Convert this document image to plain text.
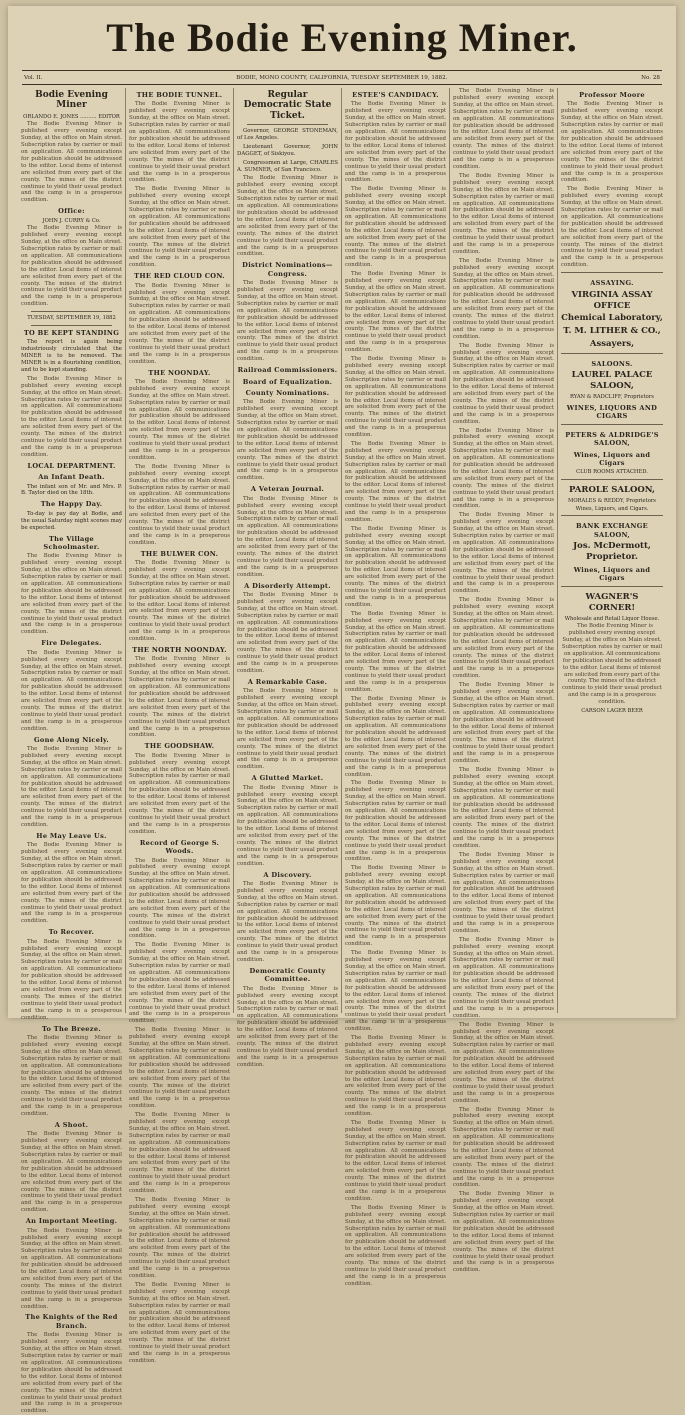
The Bodie Evening Miner.
Vol. II.	BODIE, MONO COUNTY, CALIFORNIA, TUESDAY SEPTEMBER 19, 1882.	No. 28
Bodie Evening Miner
ORLANDO E. JONES .......... EDITOR

The Bodie Evening Miner is published every evening except Sunday, at the office on Main street. Subscription rates by carrier or mail on application. All communications for publication should be addressed to the editor. Local items of interest are solicited from every part of the county. The mines of the district continue to yield their usual product and the camp is in a prosperous condition.

Office:
JOHN J. CURRY & Co.

The Bodie Evening Miner is published every evening except Sunday, at the office on Main street. Subscription rates by carrier or mail on application. All communications for publication should be addressed to the editor. Local items of interest are solicited from every part of the county. The mines of the district continue to yield their usual product and the camp is in a prosperous condition.

TUESDAY, SEPTEMBER 19, 1882
TO BE KEPT STANDING

The report is again being industriously circulated that the MINER is to be removed. The MINER is in a flourishing condition, and to be kept standing.

The Bodie Evening Miner is published every evening except Sunday, at the office on Main street. Subscription rates by carrier or mail on application. All communications for publication should be addressed to the editor. Local items of interest are solicited from every part of the county. The mines of the district continue to yield their usual product and the camp is in a prosperous condition.

LOCAL DEPARTMENT.
An Infant Death.

The infant son of Mr. and Mrs. P. B. Taylor died on the 18th.

The Happy Day.

To-day is pay day at Bodie, and the usual Saturday night scenes may be expected.

The Village Schoolmaster.

The Bodie Evening Miner is published every evening except Sunday, at the office on Main street. Subscription rates by carrier or mail on application. All communications for publication should be addressed to the editor. Local items of interest are solicited from every part of the county. The mines of the district continue to yield their usual product and the camp is in a prosperous condition.

Fire Delegates.

The Bodie Evening Miner is published every evening except Sunday, at the office on Main street. Subscription rates by carrier or mail on application. All communications for publication should be addressed to the editor. Local items of interest are solicited from every part of the county. The mines of the district continue to yield their usual product and the camp is in a prosperous condition.

Gone Along Nicely.

The Bodie Evening Miner is published every evening except Sunday, at the office on Main street. Subscription rates by carrier or mail on application. All communications for publication should be addressed to the editor. Local items of interest are solicited from every part of the county. The mines of the district continue to yield their usual product and the camp is in a prosperous condition.

He May Leave Us.

The Bodie Evening Miner is published every evening except Sunday, at the office on Main street. Subscription rates by carrier or mail on application. All communications for publication should be addressed to the editor. Local items of interest are solicited from every part of the county. The mines of the district continue to yield their usual product and the camp is in a prosperous condition.

To Recover.

The Bodie Evening Miner is published every evening except Sunday, at the office on Main street. Subscription rates by carrier or mail on application. All communications for publication should be addressed to the editor. Local items of interest are solicited from every part of the county. The mines of the district continue to yield their usual product and the camp is in a prosperous condition.

To The Breeze.

The Bodie Evening Miner is published every evening except Sunday, at the office on Main street. Subscription rates by carrier or mail on application. All communications for publication should be addressed to the editor. Local items of interest are solicited from every part of the county. The mines of the district continue to yield their usual product and the camp is in a prosperous condition.

A Shoot.

The Bodie Evening Miner is published every evening except Sunday, at the office on Main street. Subscription rates by carrier or mail on application. All communications for publication should be addressed to the editor. Local items of interest are solicited from every part of the county. The mines of the district continue to yield their usual product and the camp is in a prosperous condition.

An Important Meeting.

The Bodie Evening Miner is published every evening except Sunday, at the office on Main street. Subscription rates by carrier or mail on application. All communications for publication should be addressed to the editor. Local items of interest are solicited from every part of the county. The mines of the district continue to yield their usual product and the camp is in a prosperous condition.

The Knights of the Red Branch.

The Bodie Evening Miner is published every evening except Sunday, at the office on Main street. Subscription rates by carrier or mail on application. All communications for publication should be addressed to the editor. Local items of interest are solicited from every part of the county. The mines of the district continue to yield their usual product and the camp is in a prosperous condition.

THE BODIE TUNNEL.

The Bodie Evening Miner is published every evening except Sunday, at the office on Main street. Subscription rates by carrier or mail on application. All communications for publication should be addressed to the editor. Local items of interest are solicited from every part of the county. The mines of the district continue to yield their usual product and the camp is in a prosperous condition.

The Bodie Evening Miner is published every evening except Sunday, at the office on Main street. Subscription rates by carrier or mail on application. All communications for publication should be addressed to the editor. Local items of interest are solicited from every part of the county. The mines of the district continue to yield their usual product and the camp is in a prosperous condition.

THE RED CLOUD CON.

The Bodie Evening Miner is published every evening except Sunday, at the office on Main street. Subscription rates by carrier or mail on application. All communications for publication should be addressed to the editor. Local items of interest are solicited from every part of the county. The mines of the district continue to yield their usual product and the camp is in a prosperous condition.

THE NOONDAY.

The Bodie Evening Miner is published every evening except Sunday, at the office on Main street. Subscription rates by carrier or mail on application. All communications for publication should be addressed to the editor. Local items of interest are solicited from every part of the county. The mines of the district continue to yield their usual product and the camp is in a prosperous condition.

The Bodie Evening Miner is published every evening except Sunday, at the office on Main street. Subscription rates by carrier or mail on application. All communications for publication should be addressed to the editor. Local items of interest are solicited from every part of the county. The mines of the district continue to yield their usual product and the camp is in a prosperous condition.

THE BULWER CON.

The Bodie Evening Miner is published every evening except Sunday, at the office on Main street. Subscription rates by carrier or mail on application. All communications for publication should be addressed to the editor. Local items of interest are solicited from every part of the county. The mines of the district continue to yield their usual product and the camp is in a prosperous condition.

THE NORTH NOONDAY.

The Bodie Evening Miner is published every evening except Sunday, at the office on Main street. Subscription rates by carrier or mail on application. All communications for publication should be addressed to the editor. Local items of interest are solicited from every part of the county. The mines of the district continue to yield their usual product and the camp is in a prosperous condition.

THE GOODSHAW.

The Bodie Evening Miner is published every evening except Sunday, at the office on Main street. Subscription rates by carrier or mail on application. All communications for publication should be addressed to the editor. Local items of interest are solicited from every part of the county. The mines of the district continue to yield their usual product and the camp is in a prosperous condition.

Record of George S. Woods.

The Bodie Evening Miner is published every evening except Sunday, at the office on Main street. Subscription rates by carrier or mail on application. All communications for publication should be addressed to the editor. Local items of interest are solicited from every part of the county. The mines of the district continue to yield their usual product and the camp is in a prosperous condition.

The Bodie Evening Miner is published every evening except Sunday, at the office on Main street. Subscription rates by carrier or mail on application. All communications for publication should be addressed to the editor. Local items of interest are solicited from every part of the county. The mines of the district continue to yield their usual product and the camp is in a prosperous condition.

The Bodie Evening Miner is published every evening except Sunday, at the office on Main street. Subscription rates by carrier or mail on application. All communications for publication should be addressed to the editor. Local items of interest are solicited from every part of the county. The mines of the district continue to yield their usual product and the camp is in a prosperous condition.

The Bodie Evening Miner is published every evening except Sunday, at the office on Main street. Subscription rates by carrier or mail on application. All communications for publication should be addressed to the editor. Local items of interest are solicited from every part of the county. The mines of the district continue to yield their usual product and the camp is in a prosperous condition.

The Bodie Evening Miner is published every evening except Sunday, at the office on Main street. Subscription rates by carrier or mail on application. All communications for publication should be addressed to the editor. Local items of interest are solicited from every part of the county. The mines of the district continue to yield their usual product and the camp is in a prosperous condition.

The Bodie Evening Miner is published every evening except Sunday, at the office on Main street. Subscription rates by carrier or mail on application. All communications for publication should be addressed to the editor. Local items of interest are solicited from every part of the county. The mines of the district continue to yield their usual product and the camp is in a prosperous condition.

Regular Democratic State Ticket.

Governor, GEORGE STONEMAN, of Los Angeles.

Lieutenant Governor, JOHN DAGGET, of Siskiyou.

Congressmen at Large, CHARLES A. SUMNER, of San Francisco.

The Bodie Evening Miner is published every evening except Sunday, at the office on Main street. Subscription rates by carrier or mail on application. All communications for publication should be addressed to the editor. Local items of interest are solicited from every part of the county. The mines of the district continue to yield their usual product and the camp is in a prosperous condition.

District Nominations—Congress.

The Bodie Evening Miner is published every evening except Sunday, at the office on Main street. Subscription rates by carrier or mail on application. All communications for publication should be addressed to the editor. Local items of interest are solicited from every part of the county. The mines of the district continue to yield their usual product and the camp is in a prosperous condition.

Railroad Commissioners.
Board of Equalization.
County Nominations.

The Bodie Evening Miner is published every evening except Sunday, at the office on Main street. Subscription rates by carrier or mail on application. All communications for publication should be addressed to the editor. Local items of interest are solicited from every part of the county. The mines of the district continue to yield their usual product and the camp is in a prosperous condition.

A Veteran Journal.

The Bodie Evening Miner is published every evening except Sunday, at the office on Main street. Subscription rates by carrier or mail on application. All communications for publication should be addressed to the editor. Local items of interest are solicited from every part of the county. The mines of the district continue to yield their usual product and the camp is in a prosperous condition.

A Disorderly Attempt.

The Bodie Evening Miner is published every evening except Sunday, at the office on Main street. Subscription rates by carrier or mail on application. All communications for publication should be addressed to the editor. Local items of interest are solicited from every part of the county. The mines of the district continue to yield their usual product and the camp is in a prosperous condition.

A Remarkable Case.

The Bodie Evening Miner is published every evening except Sunday, at the office on Main street. Subscription rates by carrier or mail on application. All communications for publication should be addressed to the editor. Local items of interest are solicited from every part of the county. The mines of the district continue to yield their usual product and the camp is in a prosperous condition.

A Glutted Market.

The Bodie Evening Miner is published every evening except Sunday, at the office on Main street. Subscription rates by carrier or mail on application. All communications for publication should be addressed to the editor. Local items of interest are solicited from every part of the county. The mines of the district continue to yield their usual product and the camp is in a prosperous condition.

A Discovery.

The Bodie Evening Miner is published every evening except Sunday, at the office on Main street. Subscription rates by carrier or mail on application. All communications for publication should be addressed to the editor. Local items of interest are solicited from every part of the county. The mines of the district continue to yield their usual product and the camp is in a prosperous condition.

Democratic County Committee.

The Bodie Evening Miner is published every evening except Sunday, at the office on Main street. Subscription rates by carrier or mail on application. All communications for publication should be addressed to the editor. Local items of interest are solicited from every part of the county. The mines of the district continue to yield their usual product and the camp is in a prosperous condition.

ESTEE'S CANDIDACY.

The Bodie Evening Miner is published every evening except Sunday, at the office on Main street. Subscription rates by carrier or mail on application. All communications for publication should be addressed to the editor. Local items of interest are solicited from every part of the county. The mines of the district continue to yield their usual product and the camp is in a prosperous condition.

The Bodie Evening Miner is published every evening except Sunday, at the office on Main street. Subscription rates by carrier or mail on application. All communications for publication should be addressed to the editor. Local items of interest are solicited from every part of the county. The mines of the district continue to yield their usual product and the camp is in a prosperous condition.

The Bodie Evening Miner is published every evening except Sunday, at the office on Main street. Subscription rates by carrier or mail on application. All communications for publication should be addressed to the editor. Local items of interest are solicited from every part of the county. The mines of the district continue to yield their usual product and the camp is in a prosperous condition.

The Bodie Evening Miner is published every evening except Sunday, at the office on Main street. Subscription rates by carrier or mail on application. All communications for publication should be addressed to the editor. Local items of interest are solicited from every part of the county. The mines of the district continue to yield their usual product and the camp is in a prosperous condition.

The Bodie Evening Miner is published every evening except Sunday, at the office on Main street. Subscription rates by carrier or mail on application. All communications for publication should be addressed to the editor. Local items of interest are solicited from every part of the county. The mines of the district continue to yield their usual product and the camp is in a prosperous condition.

The Bodie Evening Miner is published every evening except Sunday, at the office on Main street. Subscription rates by carrier or mail on application. All communications for publication should be addressed to the editor. Local items of interest are solicited from every part of the county. The mines of the district continue to yield their usual product and the camp is in a prosperous condition.

The Bodie Evening Miner is published every evening except Sunday, at the office on Main street. Subscription rates by carrier or mail on application. All communications for publication should be addressed to the editor. Local items of interest are solicited from every part of the county. The mines of the district continue to yield their usual product and the camp is in a prosperous condition.

The Bodie Evening Miner is published every evening except Sunday, at the office on Main street. Subscription rates by carrier or mail on application. All communications for publication should be addressed to the editor. Local items of interest are solicited from every part of the county. The mines of the district continue to yield their usual product and the camp is in a prosperous condition.

The Bodie Evening Miner is published every evening except Sunday, at the office on Main street. Subscription rates by carrier or mail on application. All communications for publication should be addressed to the editor. Local items of interest are solicited from every part of the county. The mines of the district continue to yield their usual product and the camp is in a prosperous condition.

The Bodie Evening Miner is published every evening except Sunday, at the office on Main street. Subscription rates by carrier or mail on application. All communications for publication should be addressed to the editor. Local items of interest are solicited from every part of the county. The mines of the district continue to yield their usual product and the camp is in a prosperous condition.

The Bodie Evening Miner is published every evening except Sunday, at the office on Main street. Subscription rates by carrier or mail on application. All communications for publication should be addressed to the editor. Local items of interest are solicited from every part of the county. The mines of the district continue to yield their usual product and the camp is in a prosperous condition.

The Bodie Evening Miner is published every evening except Sunday, at the office on Main street. Subscription rates by carrier or mail on application. All communications for publication should be addressed to the editor. Local items of interest are solicited from every part of the county. The mines of the district continue to yield their usual product and the camp is in a prosperous condition.

The Bodie Evening Miner is published every evening except Sunday, at the office on Main street. Subscription rates by carrier or mail on application. All communications for publication should be addressed to the editor. Local items of interest are solicited from every part of the county. The mines of the district continue to yield their usual product and the camp is in a prosperous condition.

The Bodie Evening Miner is published every evening except Sunday, at the office on Main street. Subscription rates by carrier or mail on application. All communications for publication should be addressed to the editor. Local items of interest are solicited from every part of the county. The mines of the district continue to yield their usual product and the camp is in a prosperous condition.

The Bodie Evening Miner is published every evening except Sunday, at the office on Main street. Subscription rates by carrier or mail on application. All communications for publication should be addressed to the editor. Local items of interest are solicited from every part of the county. The mines of the district continue to yield their usual product and the camp is in a prosperous condition.

The Bodie Evening Miner is published every evening except Sunday, at the office on Main street. Subscription rates by carrier or mail on application. All communications for publication should be addressed to the editor. Local items of interest are solicited from every part of the county. The mines of the district continue to yield their usual product and the camp is in a prosperous condition.

The Bodie Evening Miner is published every evening except Sunday, at the office on Main street. Subscription rates by carrier or mail on application. All communications for publication should be addressed to the editor. Local items of interest are solicited from every part of the county. The mines of the district continue to yield their usual product and the camp is in a prosperous condition.

The Bodie Evening Miner is published every evening except Sunday, at the office on Main street. Subscription rates by carrier or mail on application. All communications for publication should be addressed to the editor. Local items of interest are solicited from every part of the county. The mines of the district continue to yield their usual product and the camp is in a prosperous condition.

The Bodie Evening Miner is published every evening except Sunday, at the office on Main street. Subscription rates by carrier or mail on application. All communications for publication should be addressed to the editor. Local items of interest are solicited from every part of the county. The mines of the district continue to yield their usual product and the camp is in a prosperous condition.

The Bodie Evening Miner is published every evening except Sunday, at the office on Main street. Subscription rates by carrier or mail on application. All communications for publication should be addressed to the editor. Local items of interest are solicited from every part of the county. The mines of the district continue to yield their usual product and the camp is in a prosperous condition.

The Bodie Evening Miner is published every evening except Sunday, at the office on Main street. Subscription rates by carrier or mail on application. All communications for publication should be addressed to the editor. Local items of interest are solicited from every part of the county. The mines of the district continue to yield their usual product and the camp is in a prosperous condition.

The Bodie Evening Miner is published every evening except Sunday, at the office on Main street. Subscription rates by carrier or mail on application. All communications for publication should be addressed to the editor. Local items of interest are solicited from every part of the county. The mines of the district continue to yield their usual product and the camp is in a prosperous condition.

The Bodie Evening Miner is published every evening except Sunday, at the office on Main street. Subscription rates by carrier or mail on application. All communications for publication should be addressed to the editor. Local items of interest are solicited from every part of the county. The mines of the district continue to yield their usual product and the camp is in a prosperous condition.

The Bodie Evening Miner is published every evening except Sunday, at the office on Main street. Subscription rates by carrier or mail on application. All communications for publication should be addressed to the editor. Local items of interest are solicited from every part of the county. The mines of the district continue to yield their usual product and the camp is in a prosperous condition.

The Bodie Evening Miner is published every evening except Sunday, at the office on Main street. Subscription rates by carrier or mail on application. All communications for publication should be addressed to the editor. Local items of interest are solicited from every part of the county. The mines of the district continue to yield their usual product and the camp is in a prosperous condition.

The Bodie Evening Miner is published every evening except Sunday, at the office on Main street. Subscription rates by carrier or mail on application. All communications for publication should be addressed to the editor. Local items of interest are solicited from every part of the county. The mines of the district continue to yield their usual product and the camp is in a prosperous condition.

The Bodie Evening Miner is published every evening except Sunday, at the office on Main street. Subscription rates by carrier or mail on application. All communications for publication should be addressed to the editor. Local items of interest are solicited from every part of the county. The mines of the district continue to yield their usual product and the camp is in a prosperous condition.

The Bodie Evening Miner is published every evening except Sunday, at the office on Main street. Subscription rates by carrier or mail on application. All communications for publication should be addressed to the editor. Local items of interest are solicited from every part of the county. The mines of the district continue to yield their usual product and the camp is in a prosperous condition.

Professor Moore

The Bodie Evening Miner is published every evening except Sunday, at the office on Main street. Subscription rates by carrier or mail on application. All communications for publication should be addressed to the editor. Local items of interest are solicited from every part of the county. The mines of the district continue to yield their usual product and the camp is in a prosperous condition.

The Bodie Evening Miner is published every evening except Sunday, at the office on Main street. Subscription rates by carrier or mail on application. All communications for publication should be addressed to the editor. Local items of interest are solicited from every part of the county. The mines of the district continue to yield their usual product and the camp is in a prosperous condition.

ASSAYING.
VIRGINIA ASSAY OFFICE
Chemical Laboratory,
T. M. LITHER & CO.,
Assayers,
SALOONS.
LAUREL PALACE SALOON,
RYAN & RADCLIFF, Proprietors
WINES, LIQUORS AND CIGARS
PETERS & ALDRIDGE'S SALOON,
Wines, Liquors and Cigars
CLUB ROOMS ATTACHED.
PAROLE SALOON,
MORALES & REDDY, Proprietors
Wines, Liquors, and Cigars.
BANK EXCHANGE SALOON,
Jos. McDermott, Proprietor.
Wines, Liquors and Cigars
WAGNER'S CORNER!
Wholesale and Retail Liquor House.

The Bodie Evening Miner is published every evening except Sunday, at the office on Main street. Subscription rates by carrier or mail on application. All communications for publication should be addressed to the editor. Local items of interest are solicited from every part of the county. The mines of the district continue to yield their usual product and the camp is in a prosperous condition.

CARSON LAGER BEER
